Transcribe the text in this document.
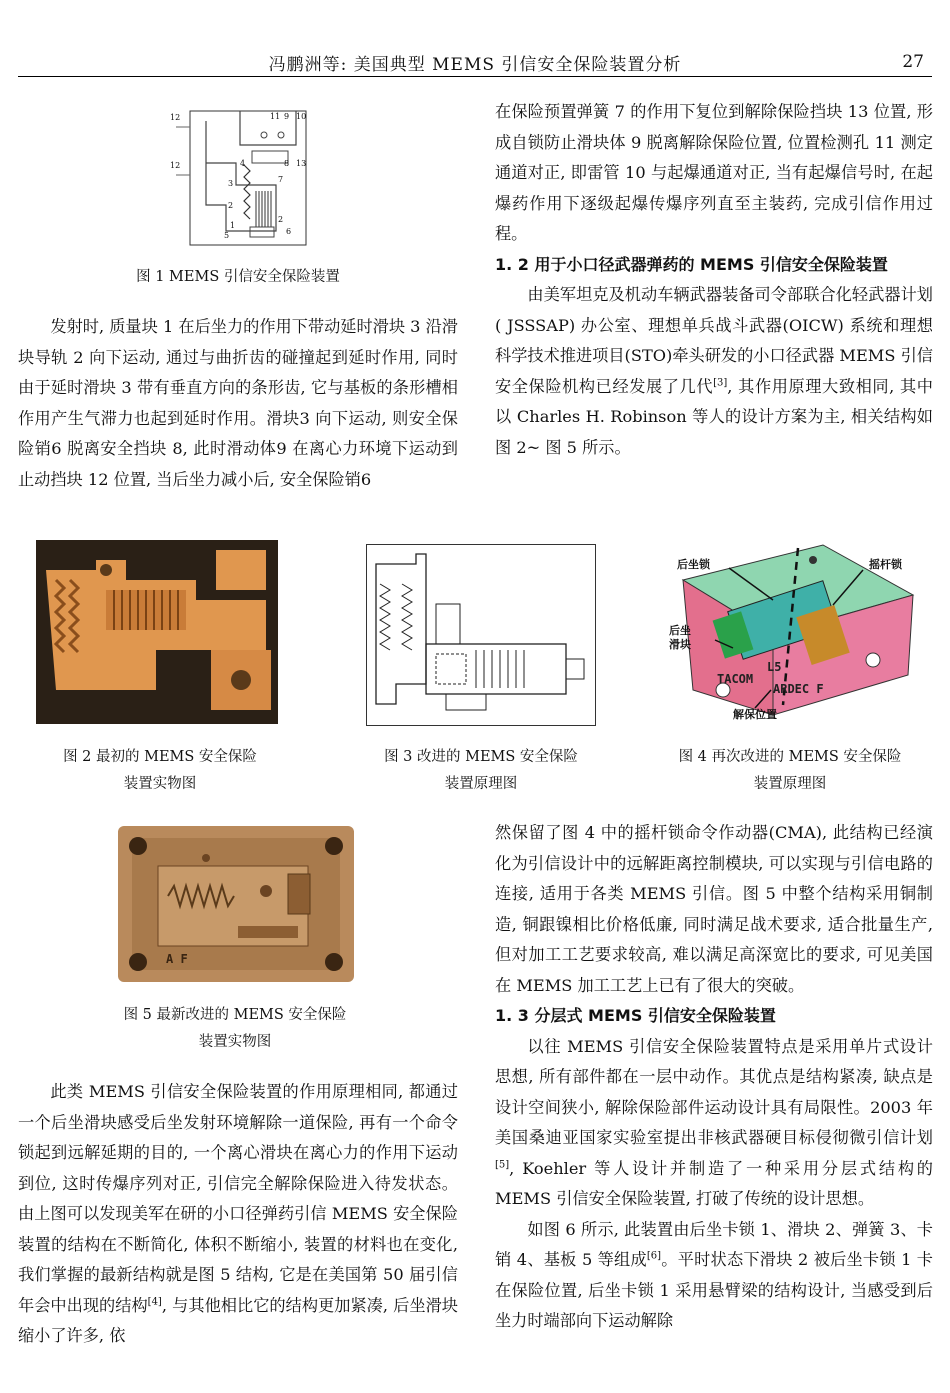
冯鹏洲等: 美国典型 MEMS 引信安全保险装置分析	27
12	11 9 10
12	4	8 13
3	7
2
5
1
6
2
图 1 MEMS 引信安全保险装置

发射时, 质量块 1 在后坐力的作用下带动延时滑块 3 沿滑块导轨 2 向下运动, 通过与曲折齿的碰撞起到延时作用, 同时由于延时滑块 3 带有垂直方向的条形齿, 它与基板的条形槽相作用产生气滞力也起到延时作用。滑块3 向下运动, 则安全保险销6 脱离安全挡块 8, 此时滑动体9 在离心力环境下运动到止动挡块 12 位置, 当后坐力减小后, 安全保险销6

在保险预置弹簧 7 的作用下复位到解除保险挡块 13 位置, 形成自锁防止滑块体 9 脱离解除保险位置, 位置检测孔 11 测定通道对正, 即雷管 10 与起爆通道对正, 当有起爆信号时, 在起爆药作用下逐级起爆传爆序列直至主装药, 完成引信作用过程。

1. 2 用于小口径武器弹药的 MEMS 引信安全保险装置

由美军坦克及机动车辆武器装备司令部联合化轻武器计划( JSSSAP) 办公室、理想单兵战斗武器(OICW) 系统和理想科学技术推进项目(STO)牵头研发的小口径武器 MEMS 引信安全保险机构已经发展了几代[3], 其作用原理大致相同, 其中以 Charles H. Robinson 等人的设计方案为主, 相关结构如图 2~ 图 5 所示。

图 2 最初的 MEMS 安全保险
装置实物图
图 3 改进的 MEMS 安全保险
装置原理图
后坐锁	摇杆锁
后坐
滑块
L5
TACOM
ARDEC F
解保位置
图 4 再次改进的 MEMS 安全保险
装置原理图
A F
图 5 最新改进的 MEMS 安全保险
装置实物图

此类 MEMS 引信安全保险装置的作用原理相同, 都通过一个后坐滑块感受后坐发射环境解除一道保险, 再有一个命令锁起到远解延期的目的, 一个离心滑块在离心力的作用下运动到位, 这时传爆序列对正, 引信完全解除保险进入待发状态。由上图可以发现美军在研的小口径弹药引信 MEMS 安全保险装置的结构在不断简化, 体积不断缩小, 装置的材料也在变化, 我们掌握的最新结构就是图 5 结构, 它是在美国第 50 届引信年会中出现的结构[4], 与其他相比它的结构更加紧凑, 后坐滑块缩小了许多, 依

然保留了图 4 中的摇杆锁命令作动器(CMA), 此结构已经演化为引信设计中的远解距离控制模块, 可以实现与引信电路的连接, 适用于各类 MEMS 引信。图 5 中整个结构采用铜制造, 铜跟镍相比价格低廉, 同时满足战术要求, 适合批量生产, 但对加工工艺要求较高, 难以满足高深宽比的要求, 可见美国在 MEMS 加工工艺上已有了很大的突破。

1. 3 分层式 MEMS 引信安全保险装置

以往 MEMS 引信安全保险装置特点是采用单片式设计思想, 所有部件都在一层中动作。其优点是结构紧凑, 缺点是设计空间狭小, 解除保险部件运动设计具有局限性。2003 年美国桑迪亚国家实验室提出非核武器硬目标侵彻微引信计划[5], Koehler 等人设计并制造了一种采用分层式结构的 MEMS 引信安全保险装置, 打破了传统的设计思想。

如图 6 所示, 此装置由后坐卡锁 1、滑块 2、弹簧 3、卡销 4、基板 5 等组成[6]。平时状态下滑块 2 被后坐卡锁 1 卡在保险位置, 后坐卡锁 1 采用悬臂梁的结构设计, 当感受到后坐力时端部向下运动解除
